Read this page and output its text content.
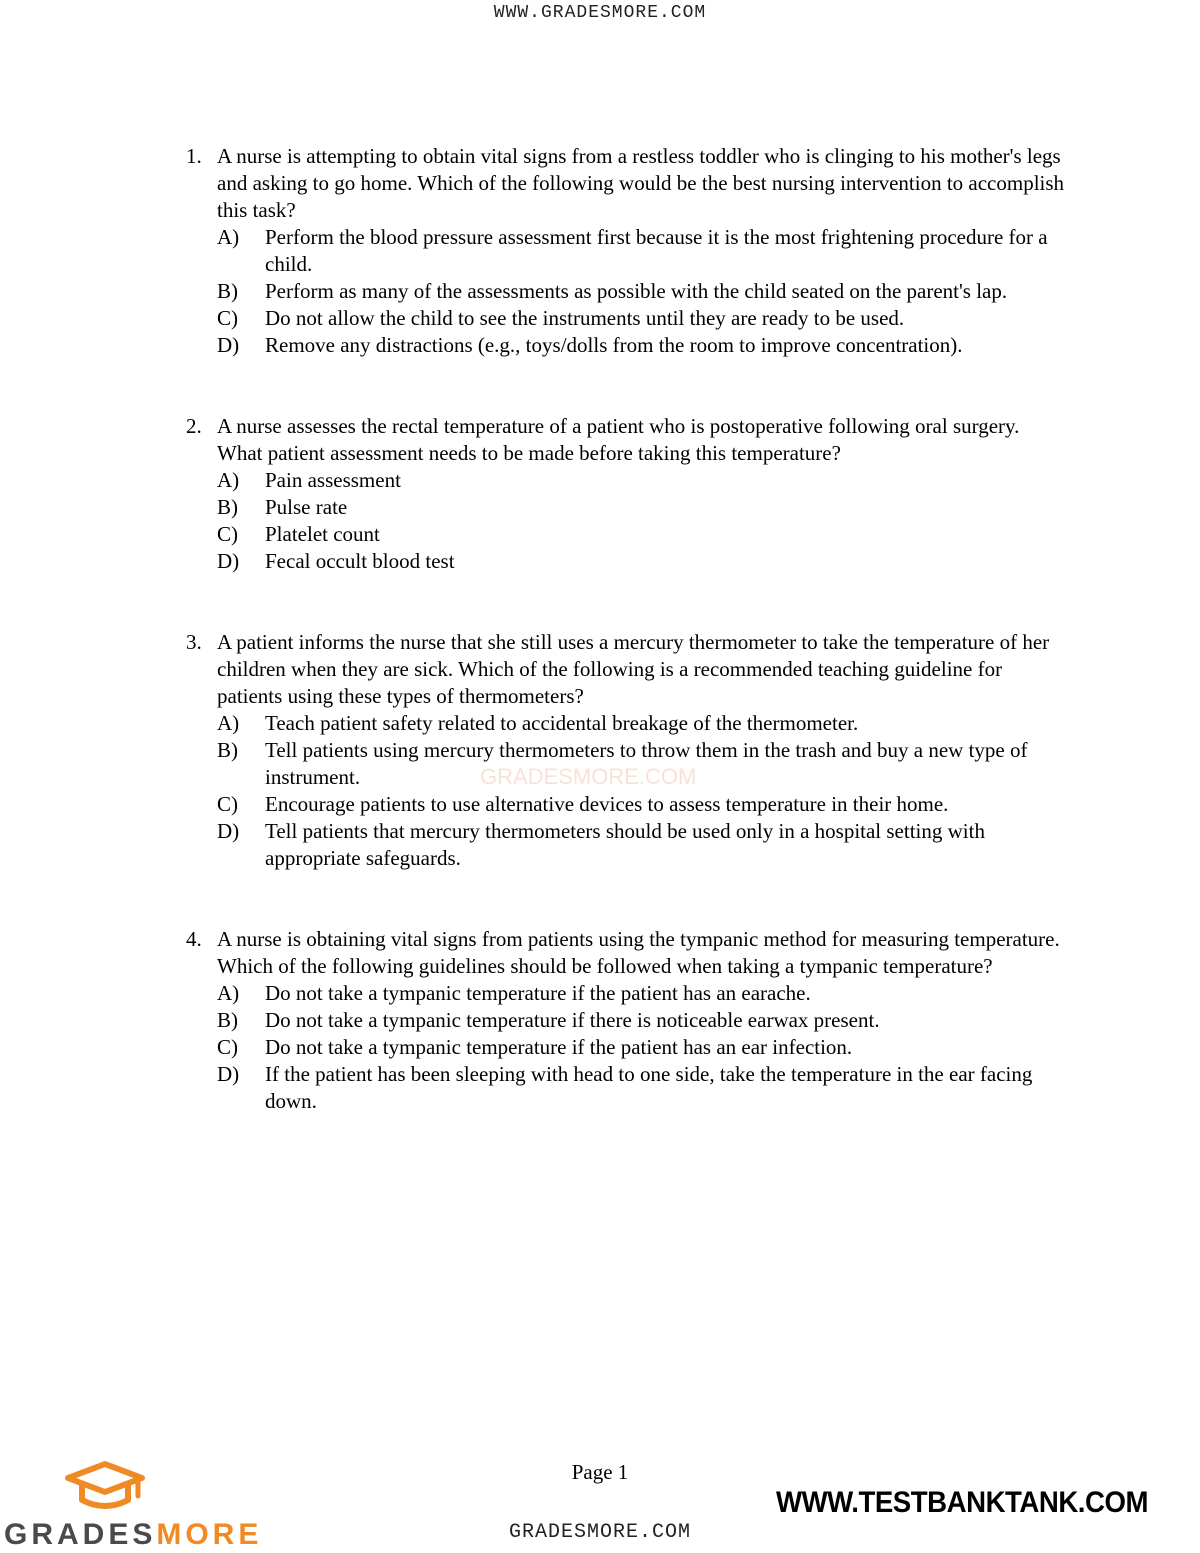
WWW.GRADESMORE.COM
1. A nurse is attempting to obtain vital signs from a restless toddler who is clinging to his mother's legs and asking to go home. Which of the following would be the best nursing intervention to accomplish this task?
A)	Perform the blood pressure assessment first because it is the most frightening procedure for a child.
B)	Perform as many of the assessments as possible with the child seated on the parent's lap.
C)	Do not allow the child to see the instruments until they are ready to be used.
D)	Remove any distractions (e.g., toys/dolls from the room to improve concentration).
2. A nurse assesses the rectal temperature of a patient who is postoperative following oral surgery. What patient assessment needs to be made before taking this temperature?
A)	Pain assessment
B)	Pulse rate
C)	Platelet count
D)	Fecal occult blood test
3. A patient informs the nurse that she still uses a mercury thermometer to take the temperature of her children when they are sick. Which of the following is a recommended teaching guideline for patients using these types of thermometers?
A)	Teach patient safety related to accidental breakage of the thermometer.
B)	Tell patients using mercury thermometers to throw them in the trash and buy a new type of instrument.
C)	Encourage patients to use alternative devices to assess temperature in their home.
D)	Tell patients that mercury thermometers should be used only in a hospital setting with appropriate safeguards.
4. A nurse is obtaining vital signs from patients using the tympanic method for measuring temperature. Which of the following guidelines should be followed when taking a tympanic temperature?
A)	Do not take a tympanic temperature if the patient has an earache.
B)	Do not take a tympanic temperature if there is noticeable earwax present.
C)	Do not take a tympanic temperature if the patient has an ear infection.
D)	If the patient has been sleeping with head to one side, take the temperature in the ear facing down.
GRADESMORE.COM
Page 1
GRADESMORE
WWW.TESTBANKTANK.COM
GRADESMORE.COM
